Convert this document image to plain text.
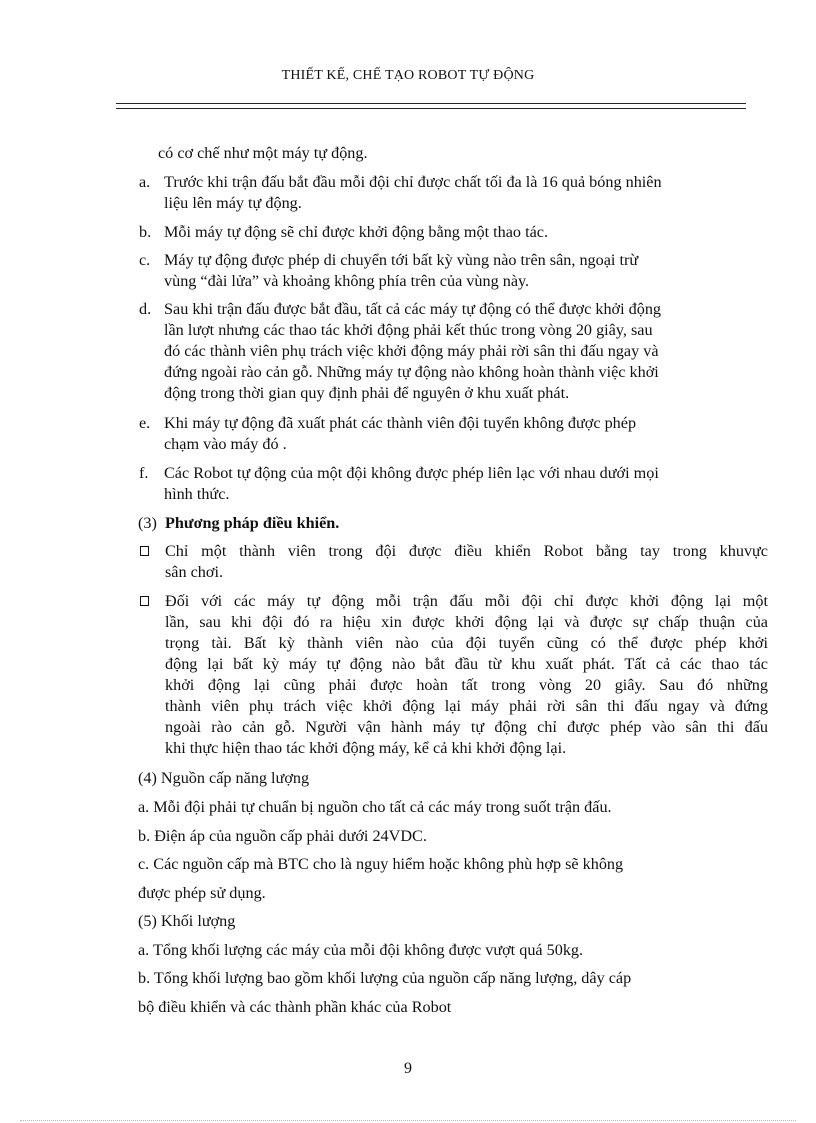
THIẾT KẾ, CHẾ TẠO ROBOT TỰ ĐỘNG
có cơ chế như một máy tự động.
a. Trước khi trận đấu bắt đầu mỗi đội chỉ được chất tối đa là 16 quả bóng nhiên
liệu lên máy tự động.
b. Mỗi máy tự động sẽ chỉ được khởi động bằng một thao tác.
c. Máy tự động được phép di chuyển tới bất kỳ vùng nào trên sân, ngoại trừ
vùng “đài lửa” và khoảng không phía trên của vùng này.
d. Sau khi trận đấu được bắt đầu, tất cả các máy tự động có thể được khởi động
lần lượt nhưng các thao tác khởi động phải kết thúc trong vòng 20 giây, sau
đó các thành viên phụ trách việc khởi động máy phải rời sân thi đấu ngay và
đứng ngoài rào cản gỗ. Những máy tự động nào không hoàn thành việc khởi
động trong thời gian quy định phải để nguyên ở khu xuất phát.
e. Khi máy tự động đã xuất phát các thành viên đội tuyển không được phép
chạm vào máy đó .
f. Các Robot tự động của một đội không được phép liên lạc với nhau dưới mọi
hình thức.
(3) Phương pháp điều khiển.
Chỉ một thành viên trong đội được điều khiển Robot bằng tay trong khuvực
sân chơi.
Đối với các máy tự động mỗi trận đấu mỗi đội chỉ được khởi động lại một
lần, sau khi đội đó ra hiệu xin được khởi động lại và được sự chấp thuận của
trọng tài. Bất kỳ thành viên nào của đội tuyển cũng có thể được phép khởi
động lại bất kỳ máy tự động nào bắt đầu từ khu xuất phát. Tất cả các thao tác
khởi động lại cũng phải được hoàn tất trong vòng 20 giây. Sau đó những
thành viên phụ trách việc khởi động lại máy phải rời sân thi đấu ngay và đứng
ngoài rào cản gỗ. Người vận hành máy tự động chỉ được phép vào sân thi đấu
khi thực hiện thao tác khởi động máy, kể cả khi khởi động lại.
(4) Nguồn cấp năng lượng
a. Mỗi đội phải tự chuẩn bị nguồn cho tất cả các máy trong suốt trận đấu.
b. Điện áp của nguồn cấp phải dưới 24VDC.
c. Các nguồn cấp mà BTC cho là nguy hiểm hoặc không phù hợp sẽ không
được phép sử dụng.
(5) Khối lượng
a. Tổng khối lượng các máy của mỗi đội không được vượt quá 50kg.
b. Tổng khối lượng bao gồm khối lượng của nguồn cấp năng lượng, dây cáp
bộ điều khiển và các thành phần khác của Robot
9
